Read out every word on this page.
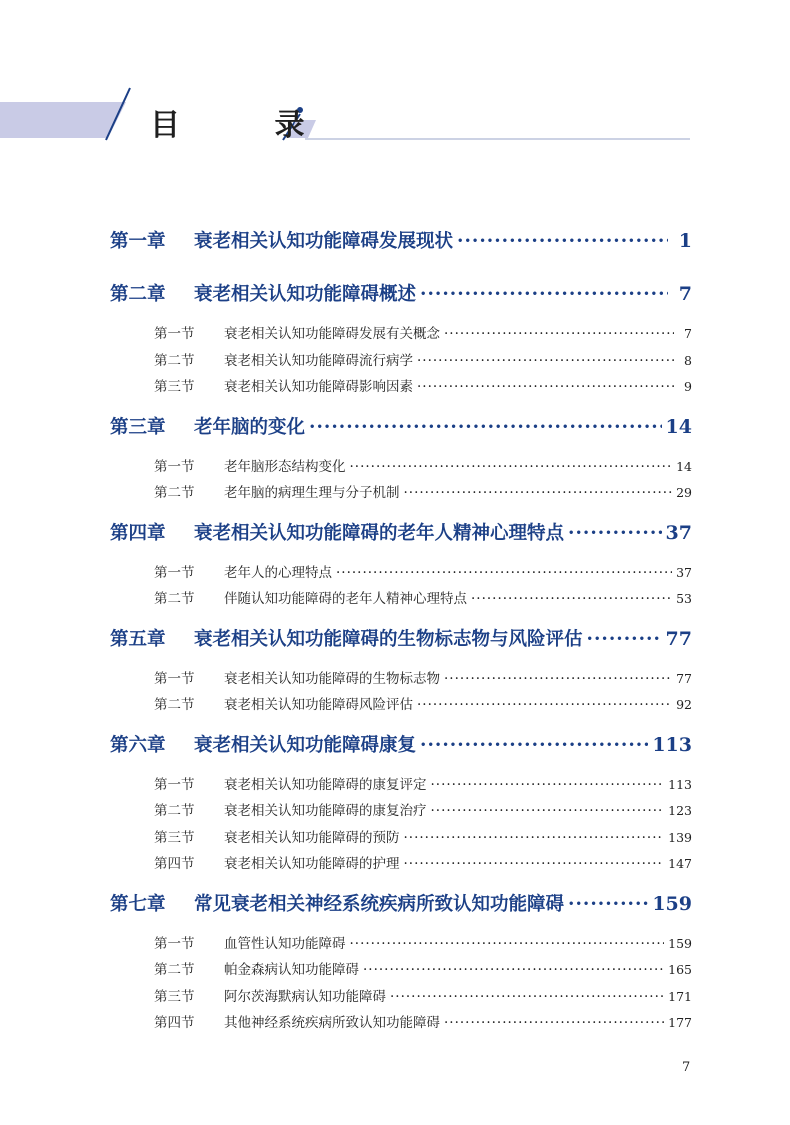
目 录
第一章	衰老相关认知功能障碍发展现状 ·····	1
第二章	衰老相关认知功能障碍概述 ·····	7
第一节	衰老相关认知功能障碍发展有关概念 ·····	7
第二节	衰老相关认知功能障碍流行病学 ·····	8
第三节	衰老相关认知功能障碍影响因素 ·····	9
第三章	老年脑的变化 ·····	14
第一节	老年脑形态结构变化 ·····	14
第二节	老年脑的病理生理与分子机制 ·····	29
第四章	衰老相关认知功能障碍的老年人精神心理特点 ·····	37
第一节	老年人的心理特点 ·····	37
第二节	伴随认知功能障碍的老年人精神心理特点 ·····	53
第五章	衰老相关认知功能障碍的生物标志物与风险评估 ·····	77
第一节	衰老相关认知功能障碍的生物标志物 ·····	77
第二节	衰老相关认知功能障碍风险评估 ·····	92
第六章	衰老相关认知功能障碍康复 ·····	113
第一节	衰老相关认知功能障碍的康复评定 ·····	113
第二节	衰老相关认知功能障碍的康复治疗 ·····	123
第三节	衰老相关认知功能障碍的预防 ·····	139
第四节	衰老相关认知功能障碍的护理 ·····	147
第七章	常见衰老相关神经系统疾病所致认知功能障碍 ·····	159
第一节	血管性认知功能障碍 ·····	159
第二节	帕金森病认知功能障碍 ·····	165
第三节	阿尔茨海默病认知功能障碍 ·····	171
第四节	其他神经系统疾病所致认知功能障碍 ·····	177
7
